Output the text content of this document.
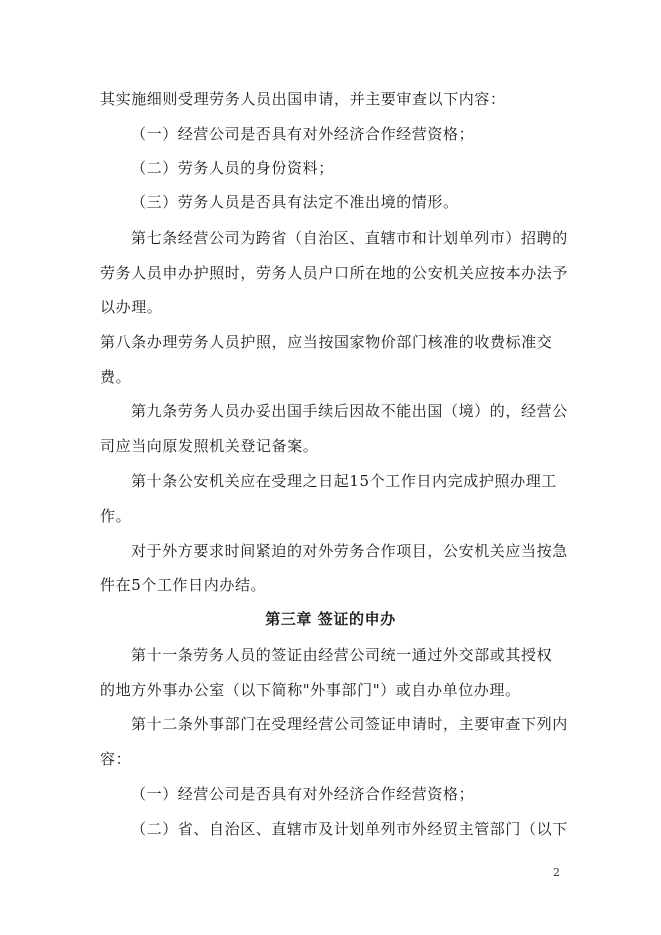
其实施细则受理劳务人员出国申请，并主要审查以下内容：
（一）经营公司是否具有对外经济合作经营资格；
（二）劳务人员的身份资料；
（三）劳务人员是否具有法定不准出境的情形。
第七条经营公司为跨省（自治区、直辖市和计划单列市）招聘的
劳务人员申办护照时，劳务人员户口所在地的公安机关应按本办法予
以办理。
第八条办理劳务人员护照，应当按国家物价部门核准的收费标准交
费。
第九条劳务人员办妥出国手续后因故不能出国（境）的，经营公
司应当向原发照机关登记备案。
第十条公安机关应在受理之日起15个工作日内完成护照办理工
作。
对于外方要求时间紧迫的对外劳务合作项目，公安机关应当按急
件在5个工作日内办结。
第三章 签证的申办
第十一条劳务人员的签证由经营公司统一通过外交部或其授权
的地方外事办公室（以下简称"外事部门"）或自办单位办理。
第十二条外事部门在受理经营公司签证申请时，主要审查下列内
容：
（一）经营公司是否具有对外经济合作经营资格；
（二）省、自治区、直辖市及计划单列市外经贸主管部门（以下
2
